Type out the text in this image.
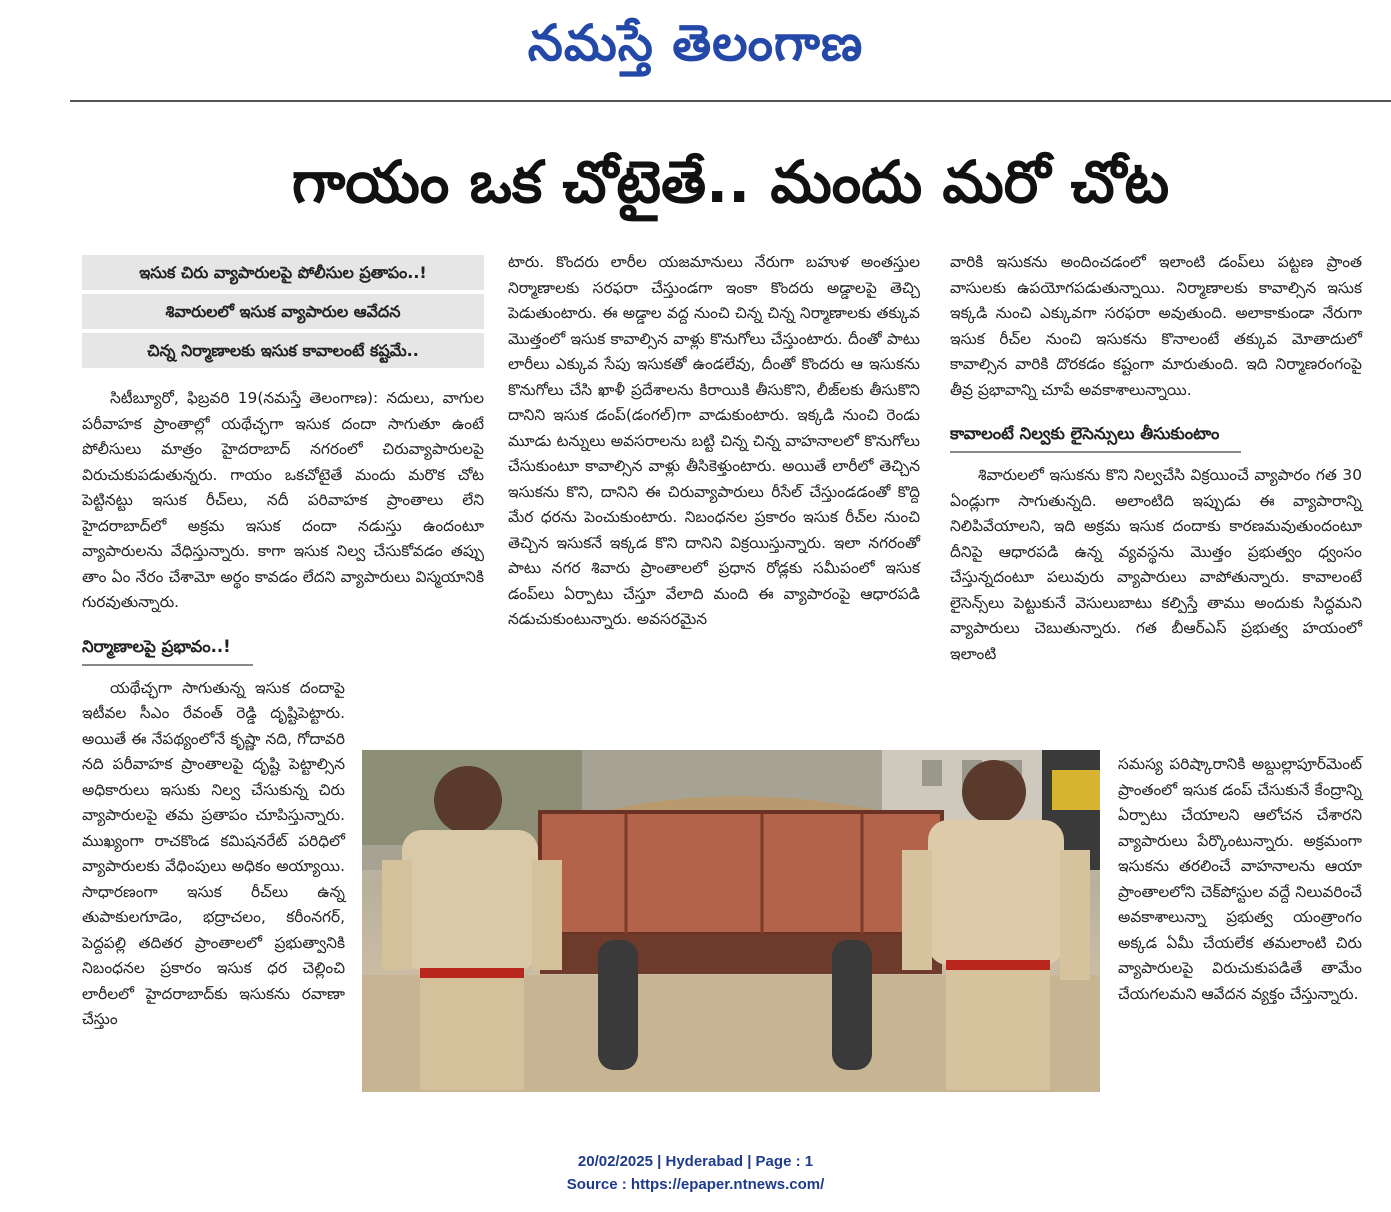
నమస్తే తెలంగాణ
గాయం ఒక చోటైతే.. మందు మరో చోట
ఇసుక చిరు వ్యాపారులపై పోలీసుల ప్రతాపం..!
శివారులలో ఇసుక వ్యాపారుల ఆవేదన
చిన్న నిర్మాణాలకు ఇసుక కావాలంటే కష్టమే..

సిటీబ్యూరో, ఫిబ్రవరి 19(నమస్తే తెలంగాణ): నదులు, వాగుల పరీవాహక ప్రాంతాల్లో యథేచ్ఛగా ఇసుక దందా సాగుతూ ఉంటే పోలీసులు మాత్రం హైదరాబాద్ నగరంలో చిరువ్యాపారులపై విరుచుకుపడుతున్నరు. గాయం ఒకచోటైతే మందు మరొక చోట పెట్టినట్టు ఇసుక రీచ్‌లు, నదీ పరివాహక ప్రాంతాలు లేని హైదరాబాద్‌లో అక్రమ ఇసుక దందా నడుస్తు ఉందంటూ వ్యాపారులను వేధిస్తున్నారు. కాగా ఇసుక నిల్వ చేసుకోవడం తప్పు తాం ఏం నేరం చేశామో అర్థం కావడం లేదని వ్యాపారులు విస్మయానికి గురవుతున్నారు.

నిర్మాణాలపై ప్రభావం..!

యథేచ్ఛగా సాగుతున్న ఇసుక దందాపై ఇటీవల సీఎం రేవంత్ రెడ్డి దృష్టిపెట్టారు. అయితే ఈ నేపథ్యంలోనే కృష్ణా నది, గోదావరి నది పరీవాహక ప్రాంతాలపై దృష్టి పెట్టాల్సిన అధికారులు ఇసుకు నిల్వ చేసుకున్న చిరు వ్యాపారులపై తమ ప్రతాపం చూపిస్తున్నారు. ముఖ్యంగా రాచకొండ కమిషనరేట్ పరిధిలో వ్యాపారులకు వేధింపులు అధికం అయ్యాయి. సాధారణంగా ఇసుక రీచ్‌లు ఉన్న తుపాకులగూడెం, భద్రాచలం, కరీంనగర్, పెద్దపల్లి తదితర ప్రాంతాలలో ప్రభుత్వానికి నిబంధనల ప్రకారం ఇసుక ధర చెల్లించి లారీలలో హైదరాబాద్‌కు ఇసుకను రవాణా చేస్తుం

టారు. కొందరు లారీల యజమానులు నేరుగా బహుళ అంతస్తుల నిర్మాణాలకు సరఫరా చేస్తుండగా ఇంకా కొందరు అడ్డాలపై తెచ్చి పెడుతుంటారు. ఈ అడ్డాల వద్ద నుంచి చిన్న చిన్న నిర్మాణాలకు తక్కువ మొత్తంలో ఇసుక కావాల్సిన వాళ్లు కొనుగోలు చేస్తుంటారు. దీంతో పాటు లారీలు ఎక్కువ సేపు ఇసుకతో ఉండలేవు, దీంతో కొందరు ఆ ఇసుకను కొనుగోలు చేసి ఖాళీ ప్రదేశాలను కిరాయికి తీసుకొని, లీజ్‌లకు తీసుకొని దానిని ఇసుక డంప్(డంగల్)గా వాడుకుంటారు. ఇక్కడి నుంచి రెండు మూడు టన్నులు అవసరాలను బట్టి చిన్న చిన్న వాహనాలలో కొనుగోలు చేసుకుంటూ కావాల్సిన వాళ్లు తీసికెళ్తుంటారు. అయితే లారీలో తెచ్చిన ఇసుకను కొని, దానిని ఈ చిరువ్యాపారులు రీసేల్ చేస్తుండడంతో కొద్ది మేర ధరను పెంచుకుంటారు. నిబంధనల ప్రకారం ఇసుక రీచ్‌ల నుంచి తెచ్చిన ఇసుకనే ఇక్కడ కొని దానిని విక్రయిస్తున్నారు. ఇలా నగరంతో పాటు నగర శివారు ప్రాంతాలలో ప్రధాన రోడ్లకు సమీపంలో ఇసుక డంప్‌లు ఏర్పాటు చేస్తూ వేలాది మంది ఈ వ్యాపారంపై ఆధారపడి నడుచుకుంటున్నారు. అవసరమైన

వారికి ఇసుకను అందించడంలో ఇలాంటి డంప్‌లు పట్టణ ప్రాంత వాసులకు ఉపయోగపడుతున్నాయి. నిర్మాణాలకు కావాల్సిన ఇసుక ఇక్కడి నుంచి ఎక్కువగా సరఫరా అవుతుంది. అలాకాకుండా నేరుగా ఇసుక రీచ్‌ల నుంచి ఇసుకను కొనాలంటే తక్కువ మోతాదులో కావాల్సిన వారికి దొరకడం కష్టంగా మారుతుంది. ఇది నిర్మాణరంగంపై తీవ్ర ప్రభావాన్ని చూపే అవకాశాలున్నాయి.

కావాలంటే నిల్వకు లైసెన్సులు తీసుకుంటాం

శివారులలో ఇసుకను కొని నిల్వచేసి విక్రయించే వ్యాపారం గత 30 ఏండ్లుగా సాగుతున్నది. అలాంటిది ఇప్పుడు ఈ వ్యాపారాన్ని నిలిపివేయాలని, ఇది అక్రమ ఇసుక దందాకు కారణమవుతుందంటూ దీనిపై ఆధారపడి ఉన్న వ్యవస్థను మొత్తం ప్రభుత్వం ధ్వంసం చేస్తున్నదంటూ పలువురు వ్యాపారులు వాపోతున్నారు. కావాలంటే లైసెన్స్‌లు పెట్టుకునే వెసులుబాటు కల్పిస్తే తాము అందుకు సిద్ధమని వ్యాపారులు చెబుతున్నారు. గత బీఆర్ఎస్ ప్రభుత్వ హయంలో ఇలాంటి

సమస్య పరిష్కారానికి అబ్దుల్లాపూర్‌మెంట్ ప్రాంతంలో ఇసుక డంప్ చేసుకునే కేంద్రాన్ని ఏర్పాటు చేయాలని ఆలోచన చేశారని వ్యాపారులు పేర్కొంటున్నారు. అక్రమంగా ఇసుకను తరలించే వాహనాలను ఆయా ప్రాంతాలలోని చెక్‌పోస్టుల వద్దే నిలువరించే అవకాశాలున్నా ప్రభుత్వ యంత్రాంగం అక్కడ ఏమీ చేయలేక తమలాంటి చిరు వ్యాపారులపై విరుచుకుపడితే తామేం చేయగలమని ఆవేదన వ్యక్తం చేస్తున్నారు.

20/02/2025 | Hyderabad | Page : 1
Source : https://epaper.ntnews.com/
